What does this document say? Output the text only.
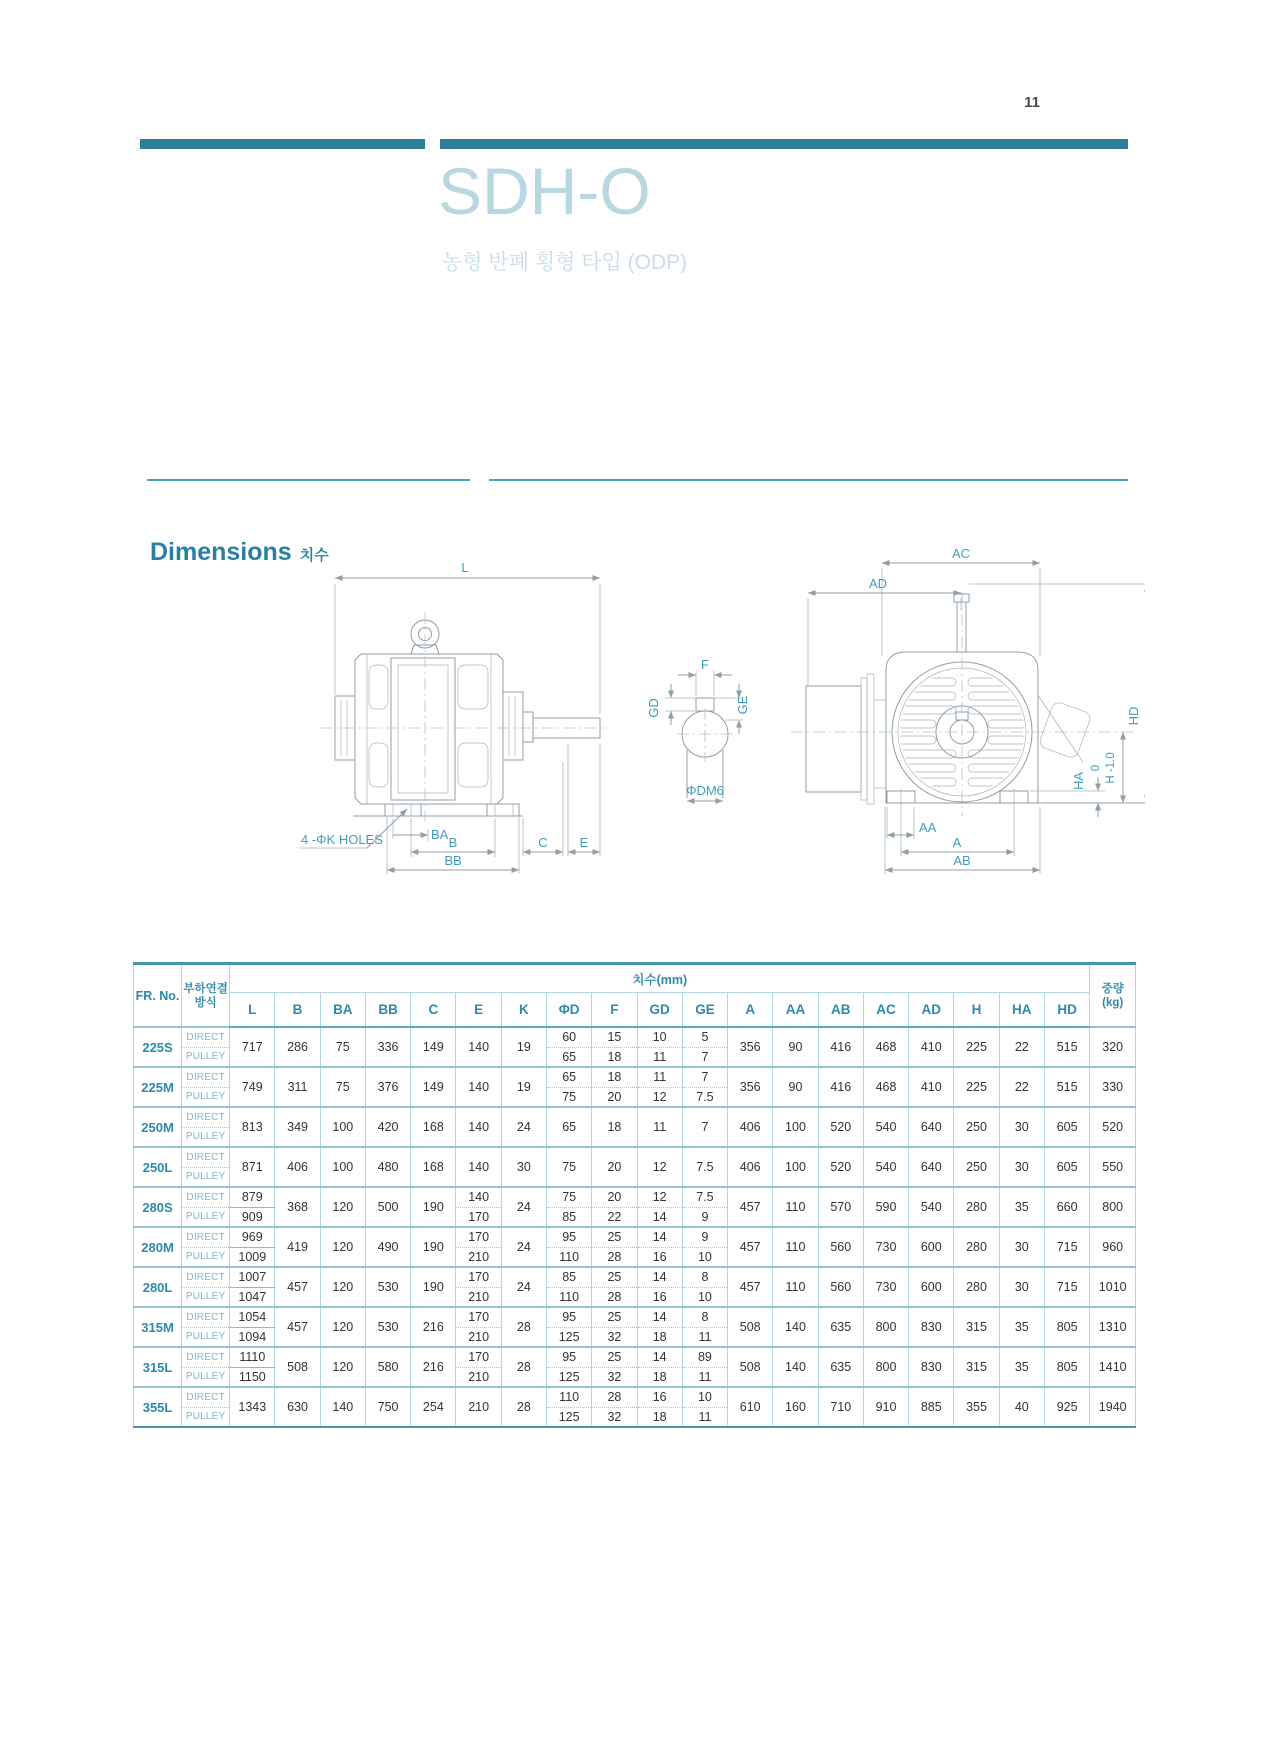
11
SDH-O
농형 반폐 횡형 타입 (ODP)
Dimensions 치수
L
BA
B	C E
BB
4 -ΦK HOLES
F
GD	GE
ΦDM6
AC
AD
HD
0 H -1.0
HA
AA
A
AB
FR. No.	부하연결
방식
	치수(mm)	
중량
(kg)

		L	B	BA	BB	C	E	K	ΦD	F	GD	GE	A	AA	AB	AC	AD	H	HA	HD	
225S	DIRECT	717	286	75	336	149	140	19	60	15	10	5	356	90	416	468	410	225	22	515	320
	PULLEY								65	18	11	7									
225M	DIRECT	749	311	75	376	149	140	19	65	18	11	7	356	90	416	468	410	225	22	515	330
	PULLEY								75	20	12	7.5									
250M	DIRECT	813	349	100	420	168	140	24	65	18	11	7	406	100	520	540	640	250	30	605	520
	PULLEY																				
250L	DIRECT	871	406	100	480	168	140	30	75	20	12	7.5	406	100	520	540	640	250	30	605	550
	PULLEY																				
280S	DIRECT	879	368	120	500	190	140	24	75	20	12	7.5	457	110	570	590	540	280	35	660	800
	PULLEY	909					170		85	22	14	9									
280M	DIRECT	969	419	120	490	190	170	24	95	25	14	9	457	110	560	730	600	280	30	715	960
	PULLEY	1009					210		110	28	16	10									
280L	DIRECT	1007	457	120	530	190	170	24	85	25	14	8	457	110	560	730	600	280	30	715	1010
	PULLEY	1047					210		110	28	16	10									
315M	DIRECT	1054	457	120	530	216	170	28	95	25	14	8	508	140	635	800	830	315	35	805	1310
	PULLEY	1094					210		125	32	18	11									
315L	DIRECT	1110	508	120	580	216	170	28	95	25	14	89	508	140	635	800	830	315	35	805	1410
	PULLEY	1150					210		125	32	18	11									
355L	DIRECT	1343	630	140	750	254	210	28	110	28	16	10	610	160	710	910	885	355	40	925	1940
	PULLEY								125	32	18	11									
